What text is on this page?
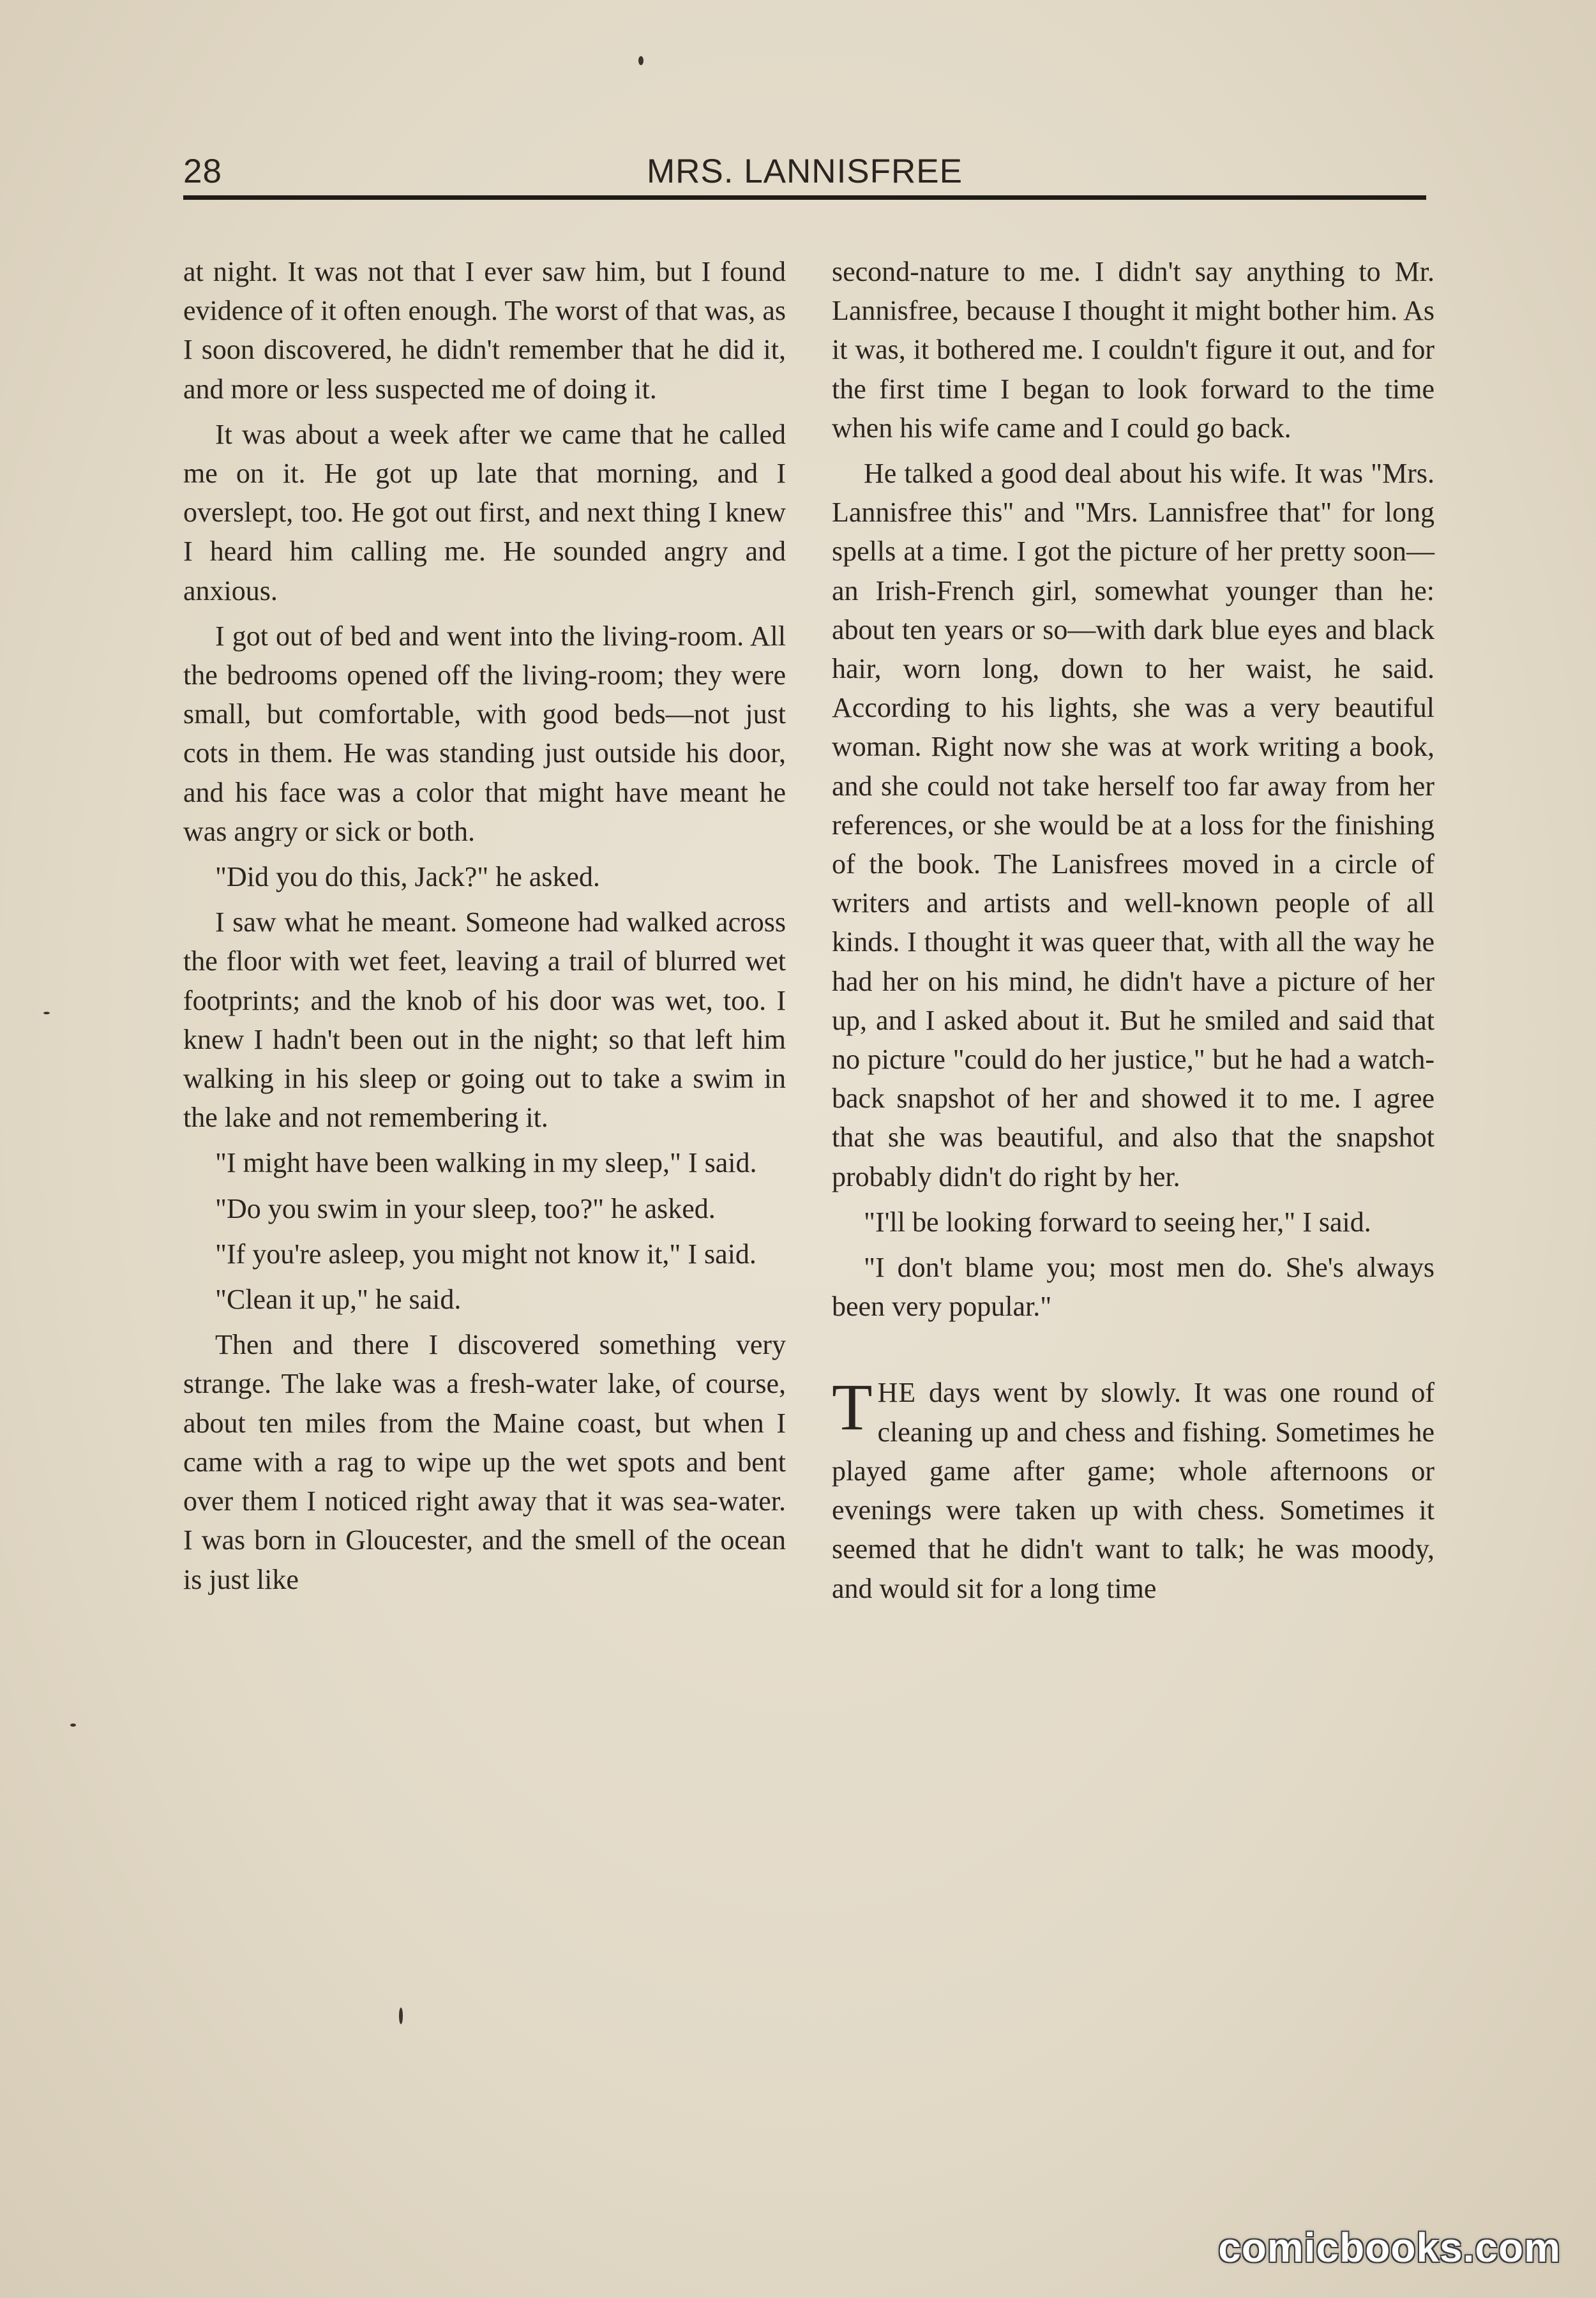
28	MRS. LANNISFREE

at night. It was not that I ever saw him, but I found evidence of it often enough. The worst of that was, as I soon discovered, he didn't remember that he did it, and more or less suspected me of doing it.

It was about a week after we came that he called me on it. He got up late that morning, and I overslept, too. He got out first, and next thing I knew I heard him calling me. He sounded angry and anxious.

I got out of bed and went into the living-room. All the bedrooms opened off the living-room; they were small, but comfortable, with good beds—not just cots in them. He was standing just outside his door, and his face was a color that might have meant he was angry or sick or both.

"Did you do this, Jack?" he asked.

I saw what he meant. Someone had walked across the floor with wet feet, leaving a trail of blurred wet footprints; and the knob of his door was wet, too. I knew I hadn't been out in the night; so that left him walking in his sleep or going out to take a swim in the lake and not remembering it.

"I might have been walking in my sleep," I said.

"Do you swim in your sleep, too?" he asked.

"If you're asleep, you might not know it," I said.

"Clean it up," he said.

Then and there I discovered something very strange. The lake was a fresh-water lake, of course, about ten miles from the Maine coast, but when I came with a rag to wipe up the wet spots and bent over them I noticed right away that it was sea-water. I was born in Gloucester, and the smell of the ocean is just like

second-nature to me. I didn't say anything to Mr. Lannisfree, because I thought it might bother him. As it was, it bothered me. I couldn't figure it out, and for the first time I began to look forward to the time when his wife came and I could go back.

He talked a good deal about his wife. It was "Mrs. Lannisfree this" and "Mrs. Lannisfree that" for long spells at a time. I got the picture of her pretty soon—an Irish-French girl, somewhat younger than he: about ten years or so—with dark blue eyes and black hair, worn long, down to her waist, he said. According to his lights, she was a very beautiful woman. Right now she was at work writing a book, and she could not take herself too far away from her references, or she would be at a loss for the finishing of the book. The Lanisfrees moved in a circle of writers and artists and well-known people of all kinds. I thought it was queer that, with all the way he had her on his mind, he didn't have a picture of her up, and I asked about it. But he smiled and said that no picture "could do her justice," but he had a watch-back snapshot of her and showed it to me. I agree that she was beautiful, and also that the snapshot probably didn't do right by her.

"I'll be looking forward to seeing her," I said.

"I don't blame you; most men do. She's always been very popular."

THE days went by slowly. It was one round of cleaning up and chess and fishing. Sometimes he played game after game; whole afternoons or evenings were taken up with chess. Sometimes it seemed that he didn't want to talk; he was moody, and would sit for a long time

comicbooks.com
